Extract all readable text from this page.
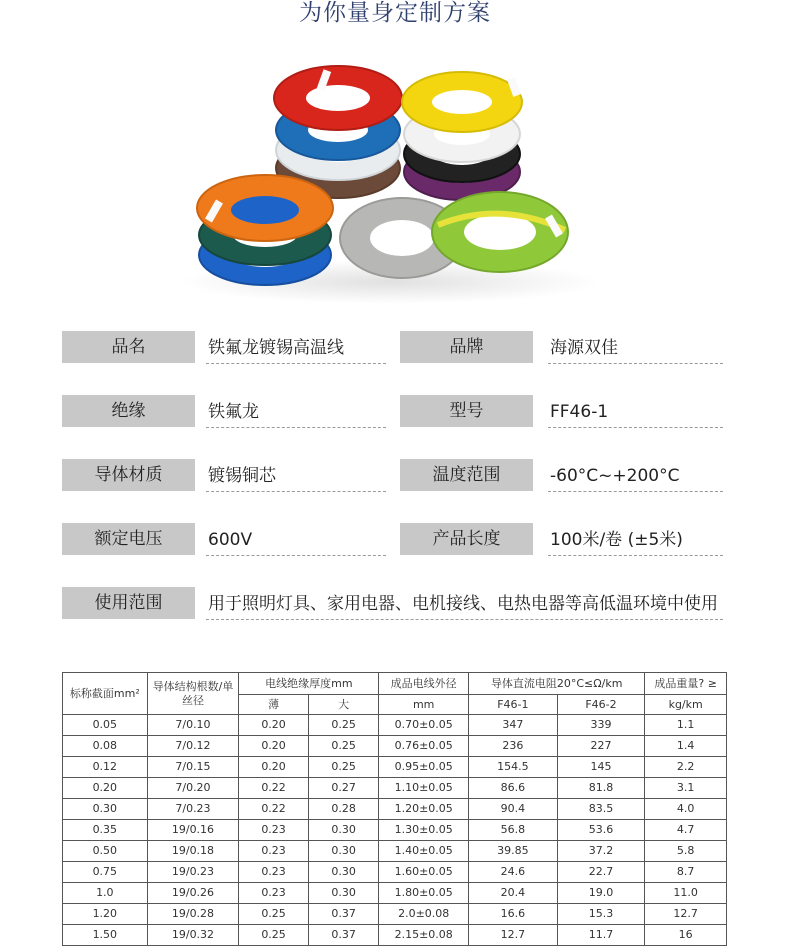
为你量身定制方案
品名	铁氟龙镀锡高温线	品牌	海源双佳
绝缘	铁氟龙	型号	FF46-1
导体材质	镀锡铜芯	温度范围	-60°C~+200°C
额定电压	600V	产品长度	100米/卷 (±5米)
使用范围	用于照明灯具、家用电器、电机接线、电热电器等高低温环境中使用
标称截面mm²	导体结构根数/单丝径	电线绝缘厚度mm		成品电线外径	导体直流电阻20°C≤Ω/km		成品重量? ≥
		薄	大	mm	F46-1	F46-2	kg/km
0.05	7/0.10	0.20	0.25	0.70±0.05	347	339	1.1
0.08	7/0.12	0.20	0.25	0.76±0.05	236	227	1.4
0.12	7/0.15	0.20	0.25	0.95±0.05	154.5	145	2.2
0.20	7/0.20	0.22	0.27	1.10±0.05	86.6	81.8	3.1
0.30	7/0.23	0.22	0.28	1.20±0.05	90.4	83.5	4.0
0.35	19/0.16	0.23	0.30	1.30±0.05	56.8	53.6	4.7
0.50	19/0.18	0.23	0.30	1.40±0.05	39.85	37.2	5.8
0.75	19/0.23	0.23	0.30	1.60±0.05	24.6	22.7	8.7
1.0	19/0.26	0.23	0.30	1.80±0.05	20.4	19.0	11.0
1.20	19/0.28	0.25	0.37	2.0±0.08	16.6	15.3	12.7
1.50	19/0.32	0.25	0.37	2.15±0.08	12.7	11.7	16
